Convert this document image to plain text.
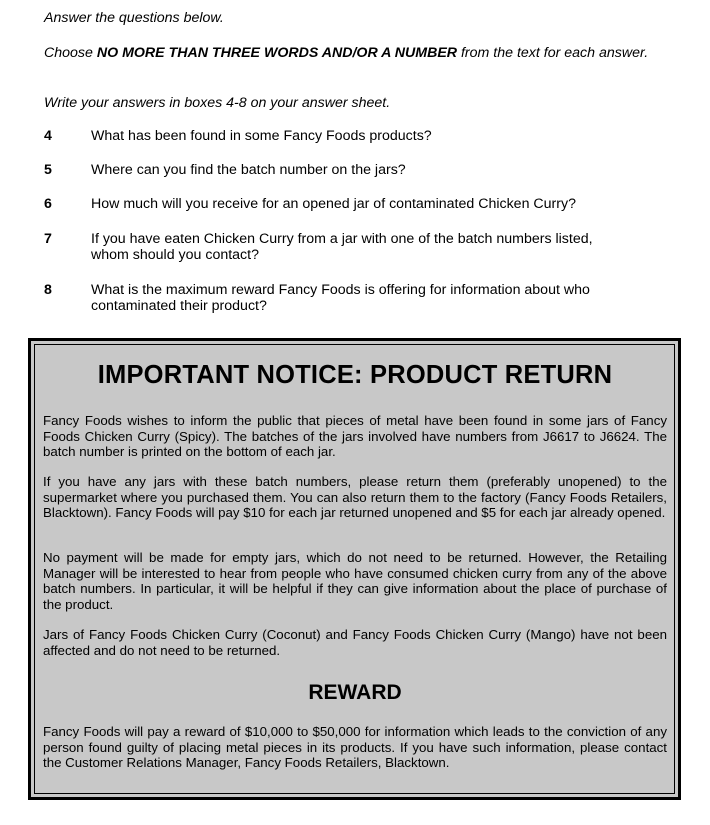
Answer the questions below.

Choose NO MORE THAN THREE WORDS AND/OR A NUMBER from the text for each answer.

Write your answers in boxes 4-8 on your answer sheet.

4	What has been found in some Fancy Foods products?
5	Where can you find the batch number on the jars?
6	How much will you receive for an opened jar of contaminated Chicken Curry?
7	If you have eaten Chicken Curry from a jar with one of the batch numbers listed, whom should you contact?
8	What is the maximum reward Fancy Foods is offering for information about who contaminated their product?
IMPORTANT NOTICE: PRODUCT RETURN

Fancy Foods wishes to inform the public that pieces of metal have been found in some jars of Fancy Foods Chicken Curry (Spicy). The batches of the jars involved have numbers from J6617 to J6624. The batch number is printed on the bottom of each jar.

If you have any jars with these batch numbers, please return them (preferably unopened) to the supermarket where you purchased them. You can also return them to the factory (Fancy Foods Retailers, Blacktown). Fancy Foods will pay $10 for each jar returned unopened and $5 for each jar already opened.

No payment will be made for empty jars, which do not need to be returned. However, the Retailing Manager will be interested to hear from people who have consumed chicken curry from any of the above batch numbers. In particular, it will be helpful if they can give information about the place of purchase of the product.

Jars of Fancy Foods Chicken Curry (Coconut) and Fancy Foods Chicken Curry (Mango) have not been affected and do not need to be returned.

REWARD

Fancy Foods will pay a reward of $10,000 to $50,000 for information which leads to the conviction of any person found guilty of placing metal pieces in its products. If you have such information, please contact the Customer Relations Manager, Fancy Foods Retailers, Blacktown.
